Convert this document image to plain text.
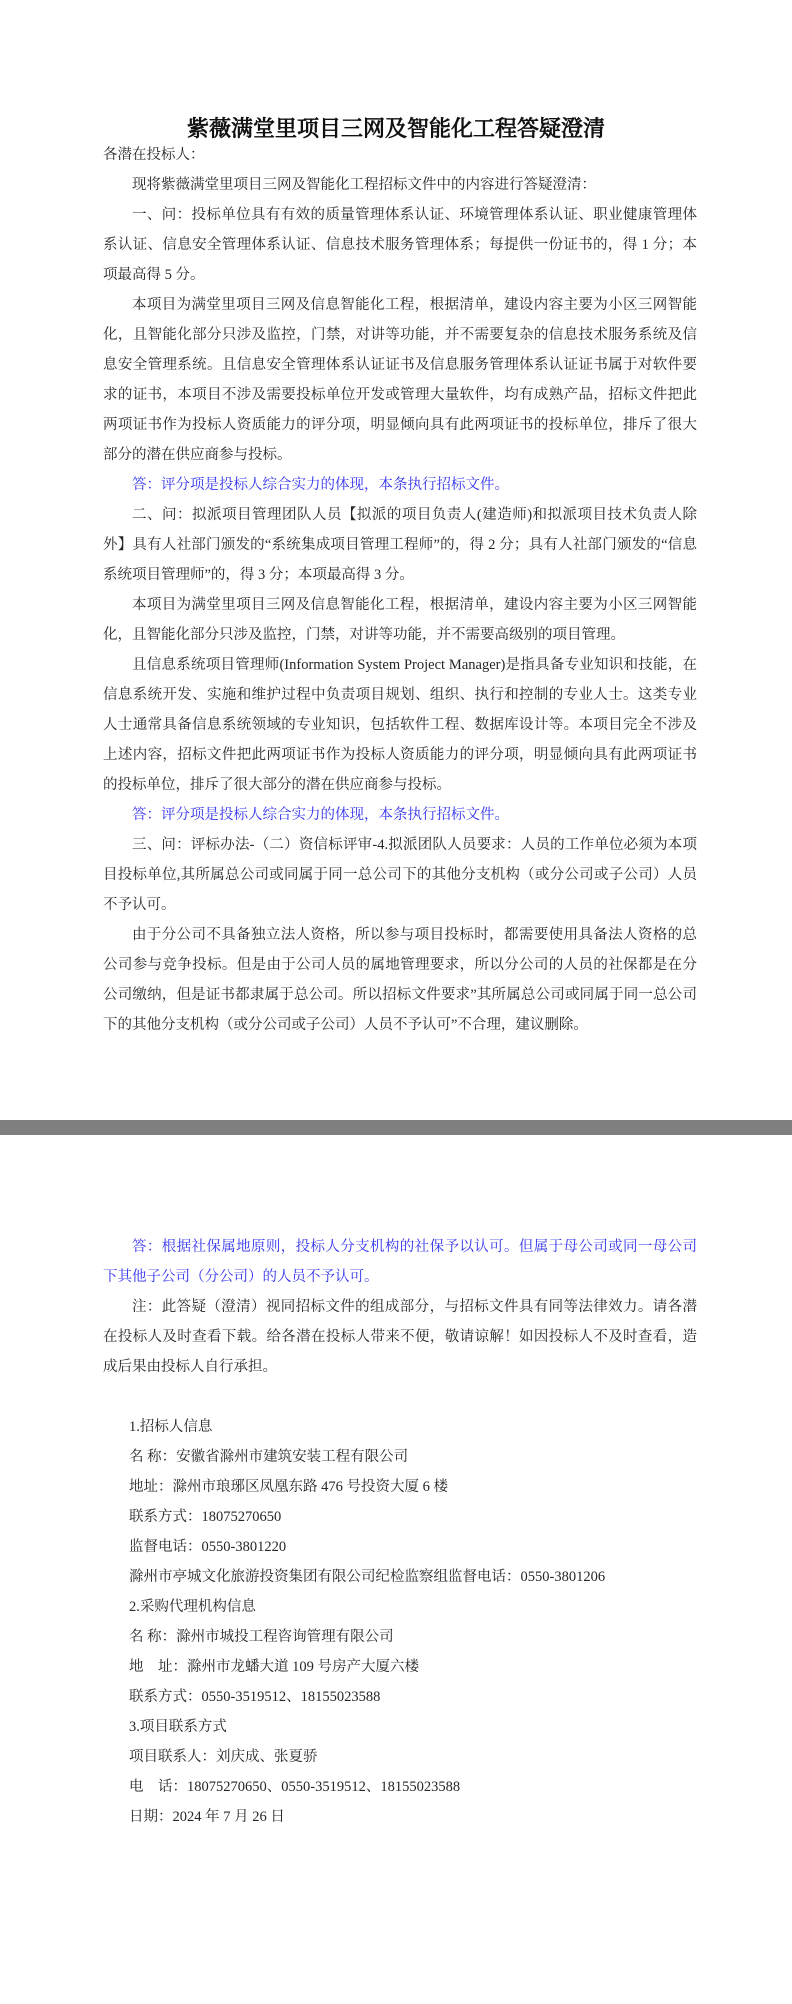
紫薇满堂里项目三网及智能化工程答疑澄清

各潜在投标人：

现将紫薇满堂里项目三网及智能化工程招标文件中的内容进行答疑澄清：

一、问：投标单位具有有效的质量管理体系认证、环境管理体系认证、职业健康管理体系认证、信息安全管理体系认证、信息技术服务管理体系；每提供一份证书的，得 1 分；本项最高得 5 分。

本项目为满堂里项目三网及信息智能化工程，根据清单，建设内容主要为小区三网智能化，且智能化部分只涉及监控，门禁，对讲等功能，并不需要复杂的信息技术服务系统及信息安全管理系统。且信息安全管理体系认证证书及信息服务管理体系认证证书属于对软件要求的证书，本项目不涉及需要投标单位开发或管理大量软件，均有成熟产品，招标文件把此两项证书作为投标人资质能力的评分项，明显倾向具有此两项证书的投标单位，排斥了很大部分的潜在供应商参与投标。

答：评分项是投标人综合实力的体现，本条执行招标文件。

二、问：拟派项目管理团队人员【拟派的项目负责人(建造师)和拟派项目技术负责人除外】具有人社部门颁发的“系统集成项目管理工程师”的，得 2 分；具有人社部门颁发的“信息系统项目管理师”的，得 3 分；本项最高得 3 分。

本项目为满堂里项目三网及信息智能化工程，根据清单，建设内容主要为小区三网智能化，且智能化部分只涉及监控，门禁，对讲等功能，并不需要高级别的项目管理。

且信息系统项目管理师(Information System Project Manager)是指具备专业知识和技能，在信息系统开发、实施和维护过程中负责项目规划、组织、执行和控制的专业人士。这类专业人士通常具备信息系统领域的专业知识，包括软件工程、数据库设计等。本项目完全不涉及上述内容，招标文件把此两项证书作为投标人资质能力的评分项，明显倾向具有此两项证书的投标单位，排斥了很大部分的潜在供应商参与投标。

答：评分项是投标人综合实力的体现，本条执行招标文件。

三、问：评标办法-（二）资信标评审-4.拟派团队人员要求：人员的工作单位必须为本项目投标单位,其所属总公司或同属于同一总公司下的其他分支机构（或分公司或子公司）人员不予认可。

由于分公司不具备独立法人资格，所以参与项目投标时，都需要使用具备法人资格的总公司参与竞争投标。但是由于公司人员的属地管理要求，所以分公司的人员的社保都是在分公司缴纳，但是证书都隶属于总公司。所以招标文件要求”其所属总公司或同属于同一总公司下的其他分支机构（或分公司或子公司）人员不予认可”不合理，建议删除。

答：根据社保属地原则，投标人分支机构的社保予以认可。但属于母公司或同一母公司下其他子公司（分公司）的人员不予认可。

注：此答疑（澄清）视同招标文件的组成部分，与招标文件具有同等法律效力。请各潜在投标人及时查看下载。给各潜在投标人带来不便，敬请谅解！如因投标人不及时查看，造成后果由投标人自行承担。

1.招标人信息

名 称：安徽省滁州市建筑安装工程有限公司

地址：滁州市琅琊区凤凰东路 476 号投资大厦 6 楼

联系方式：18075270650

监督电话：0550-3801220

滁州市亭城文化旅游投资集团有限公司纪检监察组监督电话：0550-3801206

2.采购代理机构信息

名 称：滁州市城投工程咨询管理有限公司

地　址：滁州市龙蟠大道 109 号房产大厦六楼

联系方式：0550-3519512、18155023588

3.项目联系方式

项目联系人：刘庆成、张夏骄

电　话：18075270650、0550-3519512、18155023588

日期：2024 年 7 月 26 日
